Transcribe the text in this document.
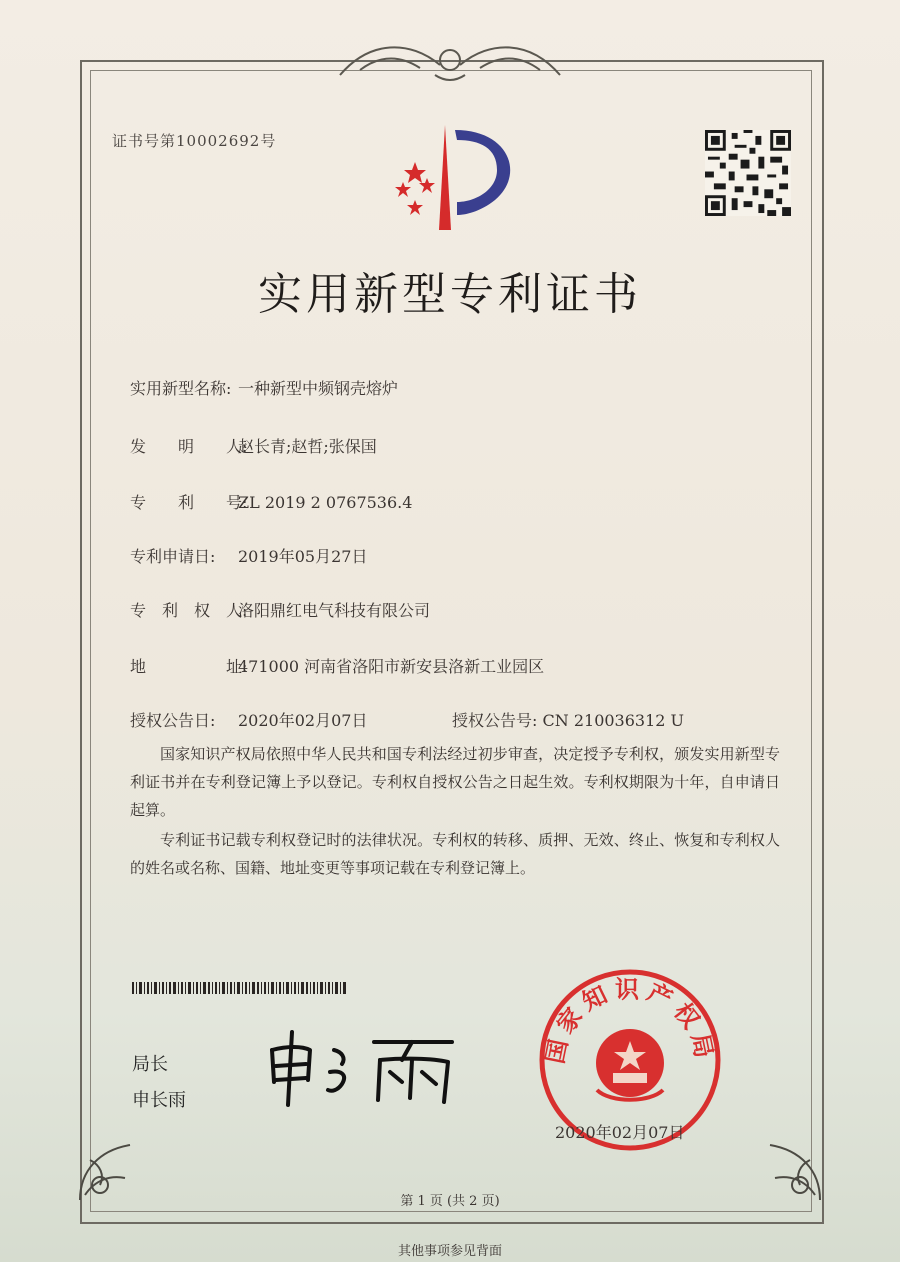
证书号第10002692号
实用新型专利证书
实用新型名称: 一种新型中频钢壳熔炉
发　　明　　人:赵长青;赵哲;张保国
专　　利　　号:ZL 2019 2 0767536.4
专利申请日: 2019年05月27日
专　利　权　人:洛阳鼎红电气科技有限公司
地　　　　　址:471000 河南省洛阳市新安县洛新工业园区
授权公告日: 2020年02月07日	授权公告号: CN 210036312 U
国家知识产权局依照中华人民共和国专利法经过初步审查，决定授予专利权，颁发实用新型专利证书并在专利登记簿上予以登记。专利权自授权公告之日起生效。专利权期限为十年，自申请日起算。
专利证书记载专利权登记时的法律状况。专利权的转移、质押、无效、终止、恢复和专利权人的姓名或名称、国籍、地址变更等事项记载在专利登记簿上。
局长
申长雨
国家知识产权局
2020年02月07日
第 1 页 (共 2 页)
其他事项参见背面
